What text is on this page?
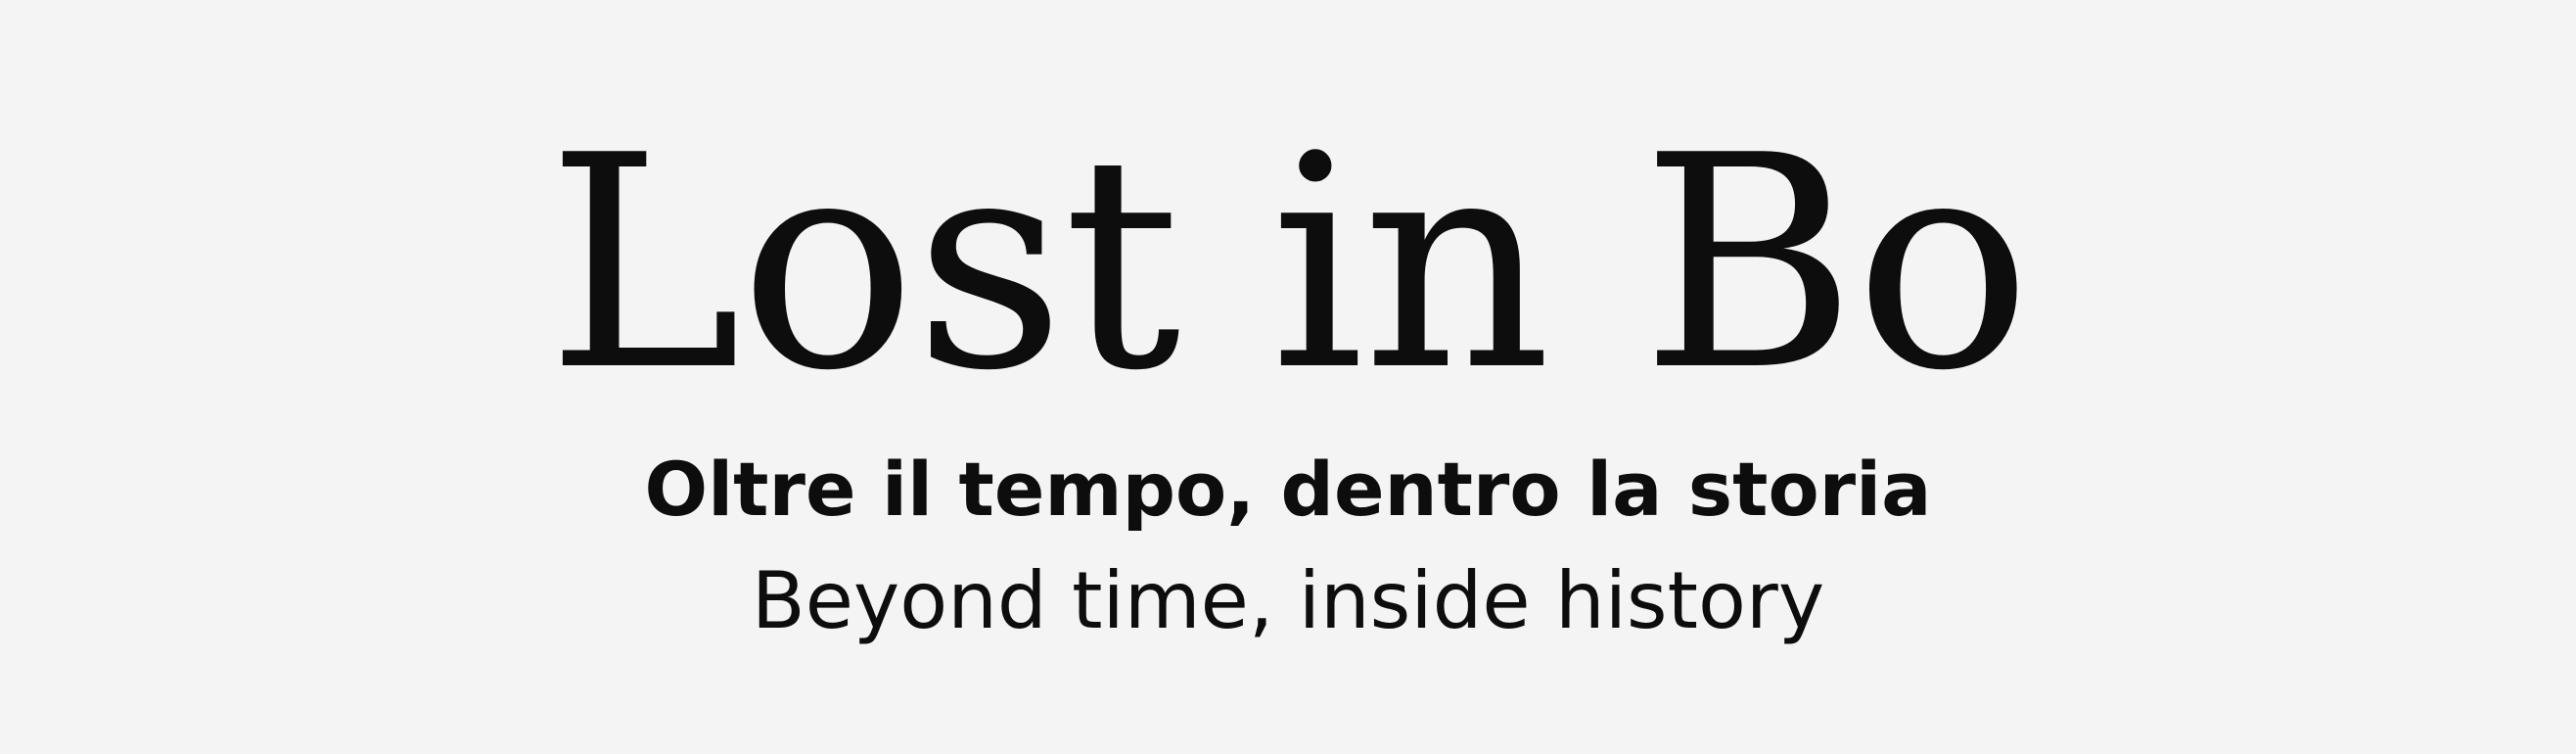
Lost in Bo
Oltre il tempo, dentro la storia

Beyond time, inside history
